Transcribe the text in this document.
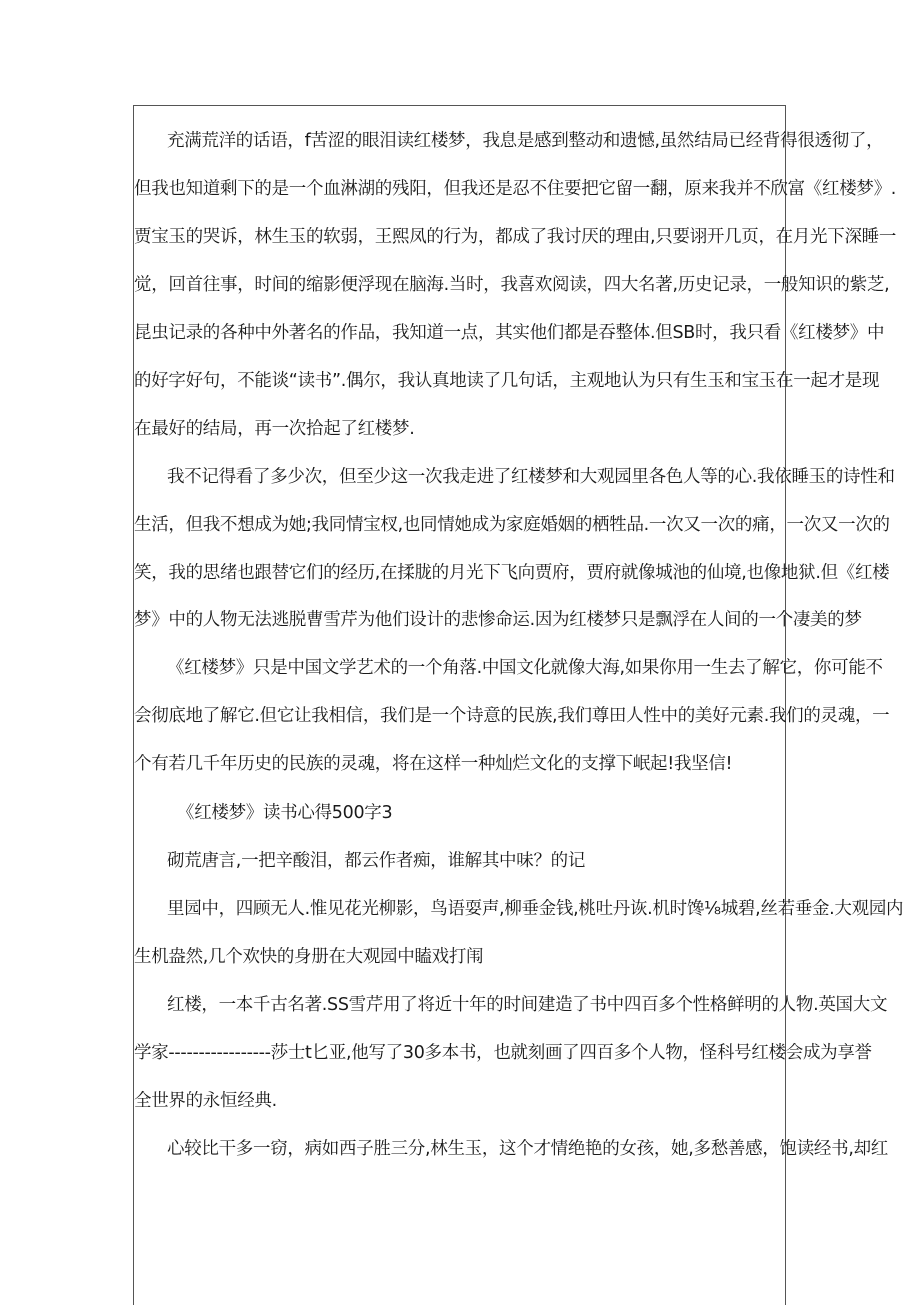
充满荒洋的话语，f苦涩的眼泪读红楼梦，我息是感到整动和遗憾,虽然结局已经背得很透彻了，

但我也知道剩下的是一个血淋湖的残阳，但我还是忍不住要把它留一翻，原来我并不欣富《红楼梦》.

贾宝玉的哭诉，林生玉的软弱，王熙凤的行为，都成了我讨厌的理由,只要诩开几页，在月光下深睡一

觉，回首往事，时间的缩影便浮现在脑海.当时，我喜欢阅读，四大名著,历史记录，一般知识的紫芝,

昆虫记录的各种中外著名的作品，我知道一点，其实他们都是吞整体.但SB时，我只看《红楼梦》中

的好字好句，不能谈“读书”.偶尔，我认真地读了几句话，主观地认为只有生玉和宝玉在一起才是现

在最好的结局，再一次拾起了红楼梦.

我不记得看了多少次，但至少这一次我走进了红楼梦和大观园里各色人等的心.我依睡玉的诗性和

生活，但我不想成为她;我同情宝杈,也同情她成为家庭婚姻的栖牲品.一次又一次的痛，一次又一次的

笑，我的思绪也跟替它们的经历,在揉胧的月光下飞向贾府，贾府就像城池的仙境,也像地狱.但《红楼

梦》中的人物无法逃脱曹雪芹为他们设计的悲惨命运.因为红楼梦只是飘浮在人间的一个凄美的梦

《红楼梦》只是中国文学艺术的一个角落.中国文化就像大海,如果你用一生去了解它，你可能不

会彻底地了解它.但它让我相信，我们是一个诗意的民族,我们尊田人性中的美好元素.我们的灵魂，一

个有若几千年历史的民族的灵魂，将在这样一种灿烂文化的支撑下岷起!我坚信!

《红楼梦》读书心得500字3

砌荒唐言,一把辛酸泪，都云作者痴，谁解其中味？的记

里园中，四顾无人.惟见花光柳影，鸟语耍声,柳垂金钱,桃吐丹诙.机时馋⅛城碧,丝若垂金.大观园内

生机盎然,几个欢快的身册在大观园中瞌戏打闱

红楼，一本千古名著.SS雪芹用了将近十年的时间建造了书中四百多个性格鲜明的人物.英国大文

学家-----------------莎士t匕亚,他写了30多本书，也就刻画了四百多个人物，怪科号红楼会成为享誉

全世界的永恒经典.

心较比干多一窃，病如西子胜三分,林生玉，这个才情绝艳的女孩，她,多愁善感，饱读经书,却红
